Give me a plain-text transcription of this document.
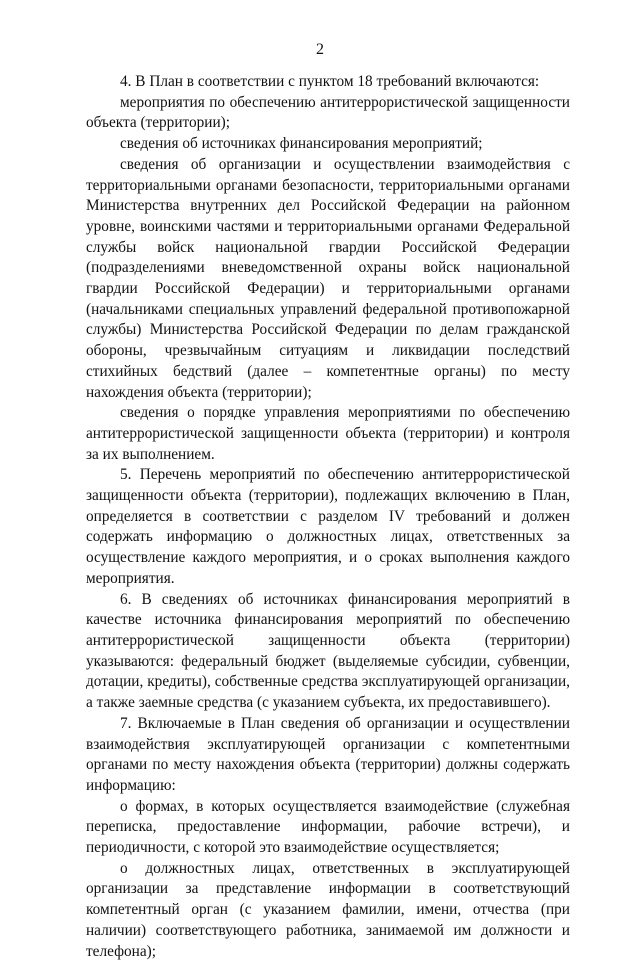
2

4. В План в соответствии с пунктом 18 требований включаются:

мероприятия по обеспечению антитеррористической защищенности объекта (территории);

сведения об источниках финансирования мероприятий;

сведения об организации и осуществлении взаимодействия с территориальными органами безопасности, территориальными органами Министерства внутренних дел Российской Федерации на районном уровне, воинскими частями и территориальными органами Федеральной службы войск национальной гвардии Российской Федерации (подразделениями вневедомственной охраны войск национальной гвардии Российской Федерации) и территориальными органами (начальниками специальных управлений федеральной противопожарной службы) Министерства Российской Федерации по делам гражданской обороны, чрезвычайным ситуациям и ликвидации последствий стихийных бедствий (далее – компетентные органы) по месту нахождения объекта (территории);

сведения о порядке управления мероприятиями по обеспечению антитеррористической защищенности объекта (территории) и контроля за их выполнением.

5. Перечень мероприятий по обеспечению антитеррористической защищенности объекта (территории), подлежащих включению в План, определяется в соответствии с разделом IV требований и должен содержать информацию о должностных лицах, ответственных за осуществление каждого мероприятия, и о сроках выполнения каждого мероприятия.

6. В сведениях об источниках финансирования мероприятий в качестве источника финансирования мероприятий по обеспечению антитеррористической защищенности объекта (территории) указываются: федеральный бюджет (выделяемые субсидии, субвенции, дотации, кредиты), собственные средства эксплуатирующей организации, а также заемные средства (с указанием субъекта, их предоставившего).

7. Включаемые в План сведения об организации и осуществлении взаимодействия эксплуатирующей организации с компетентными органами по месту нахождения объекта (территории) должны содержать информацию:

о формах, в которых осуществляется взаимодействие (служебная переписка, предоставление информации, рабочие встречи), и периодичности, с которой это взаимодействие осуществляется;

о должностных лицах, ответственных в эксплуатирующей организации за представление информации в соответствующий компетентный орган (с указанием фамилии, имени, отчества (при наличии) соответствующего работника, занимаемой им должности и телефона);
